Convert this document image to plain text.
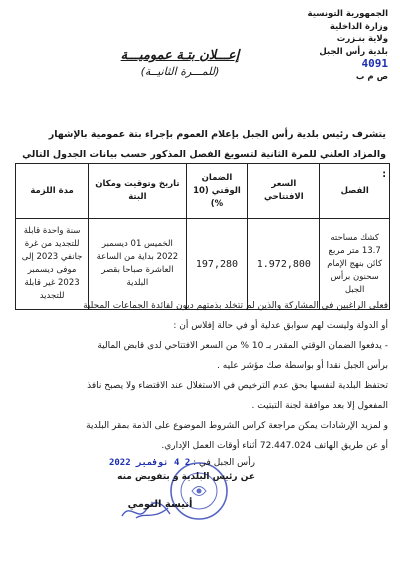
الجمهورية التونسية
وزارة الداخلية
ولاية بنـزرت
بلدية رأس الجبل
4091
ص م ب
إعـــلان بتـة عموميـــة
(للمـــرة الثانيــة)
يتشرف رئيس بلدية رأس الجبل بإعلام العموم بإجراء بتة عمومية بالإشهار والمزاد العلني للمرة الثانية لتسويغ الفصل المذكور حسب بيانات الجدول التالي :
الفصل	السعر الافتتاحي	الضمان الوقتي (10 %)	تاريخ وتوقيت ومكان البتة	مدة اللزمة
كشك مساحته 13.7 متر مربع كائن بنهج الإمام سحنون برأس الجبل	1.972,800	197,280	الخميس 01 ديسمبر 2022 بداية من الساعة العاشرة صباحا بقصر البلدية	سنة واحدة قابلة للتجديد من غرة جانفي 2023 إلى موفى ديسمبر 2023 غير قابلة للتجديد

فعلى الراغبين في المشاركة والذين لم تتخلد بذمتهم ديون لفائدة الجماعات المحلية

أو الدولة وليست لهم سوابق عدلية أو في حالة إفلاس أن :

- يدفعوا الضمان الوقتي المقدر بـ 10 % من السعر الافتتاحي لدى قابض المالية

برأس الجبل نقدا أو بواسطة صك مؤشر عليه .

تحتفظ البلدية لنفسها بحق عدم الترخيص في الاستغلال عند الاقتضاء ولا يصبح نافذ

المفعول إلا بعد موافقة لجنة التبتيت .

و لمزيد الإرشادات يمكن مراجعة كراس الشروط الموضوع على الذمة بمقر البلدية

أو عن طريق الهاتف 72.447.024 أثناء أوقات العمل الإداري.

رأس الجبل في : 2 4 نوفمبر 2022
عن رئيس البلدية و بتفويض منه
أنيسة التومي
